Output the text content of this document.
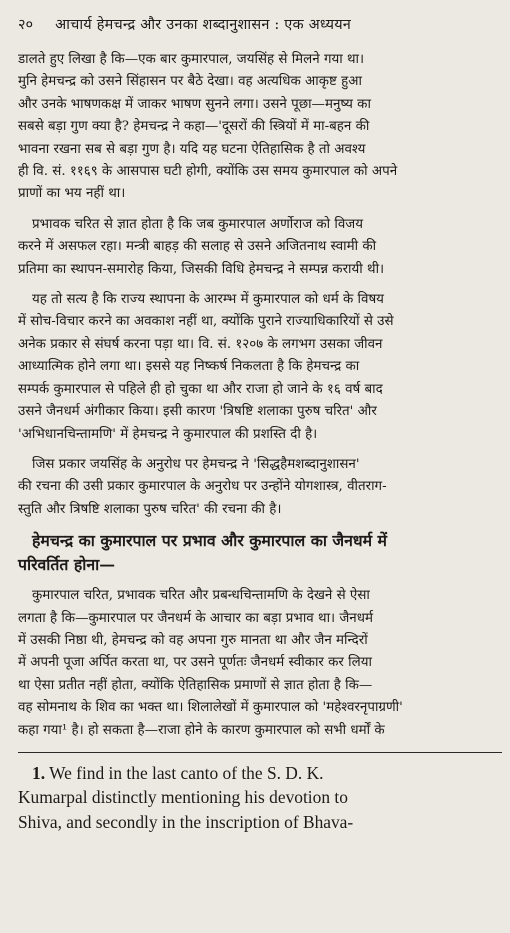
२० आचार्य हेमचन्द्र और उनका शब्दानुशासन : एक अध्ययन

डालते हुए लिखा है कि—एक बार कुमारपाल, जयसिंह से मिलने गया था।
मुनि हेमचन्द्र को उसने सिंहासन पर बैठे देखा। वह अत्यधिक आकृष्ट हुआ
और उनके भाषणकक्ष में जाकर भाषण सुनने लगा। उसने पूछा—मनुष्य का
सबसे बड़ा गुण क्या है? हेमचन्द्र ने कहा—'दूसरों की स्त्रियों में मा-बहन की
भावना रखना सब से बड़ा गुण है। यदि यह घटना ऐतिहासिक है तो अवश्य
ही वि. सं. ११६९ के आसपास घटी होगी, क्योंकि उस समय कुमारपाल को अपने
प्राणों का भय नहीं था।

प्रभावक चरित से ज्ञात होता है कि जब कुमारपाल अर्णोराज को विजय
करने में असफल रहा। मन्त्री बाहड़ की सलाह से उसने अजितनाथ स्वामी की
प्रतिमा का स्थापन-समारोह किया, जिसकी विधि हेमचन्द्र ने सम्पन्न करायी थी।

यह तो सत्य है कि राज्य स्थापना के आरम्भ में कुमारपाल को धर्म के विषय
में सोच-विचार करने का अवकाश नहीं था, क्योंकि पुराने राज्याधिकारियों से उसे
अनेक प्रकार से संघर्ष करना पड़ा था। वि. सं. १२०७ के लगभग उसका जीवन
आध्यात्मिक होने लगा था। इससे यह निष्कर्ष निकलता है कि हेमचन्द्र का
सम्पर्क कुमारपाल से पहिले ही हो चुका था और राजा हो जाने के १६ वर्ष बाद
उसने जैनधर्म अंगीकार किया। इसी कारण 'त्रिषष्टि शलाका पुरुष चरित' और
'अभिधानचिन्तामणि' में हेमचन्द्र ने कुमारपाल की प्रशस्ति दी है।

जिस प्रकार जयसिंह के अनुरोध पर हेमचन्द्र ने 'सिद्धहैमशब्दानुशासन'
की रचना की उसी प्रकार कुमारपाल के अनुरोध पर उन्होंने योगशास्त्र, वीतराग-
स्तुति और त्रिषष्टि शलाका पुरुष चरित' की रचना की है।

हेमचन्द्र का कुमारपाल पर प्रभाव और कुमारपाल का जैनधर्म में
परिवर्तित होना—

कुमारपाल चरित, प्रभावक चरित और प्रबन्धचिन्तामणि के देखने से ऐसा
लगता है कि—कुमारपाल पर जैनधर्म के आचार का बड़ा प्रभाव था। जैनधर्म
में उसकी निष्ठा थी, हेमचन्द्र को वह अपना गुरु मानता था और जैन मन्दिरों
में अपनी पूजा अर्पित करता था, पर उसने पूर्णतः जैनधर्म स्वीकार कर लिया
था ऐसा प्रतीत नहीं होता, क्योंकि ऐतिहासिक प्रमाणों से ज्ञात होता है कि—
वह सोमनाथ के शिव का भक्त था। शिलालेखों में कुमारपाल को 'महेश्वरनृपाग्रणी'
कहा गया¹ है। हो सकता है—राजा होने के कारण कुमारपाल को सभी धर्मों के

1. We find in the last canto of the S. D. K.
Kumarpal distinctly mentioning his devotion to
Shiva, and secondly in the inscription of Bhava-
